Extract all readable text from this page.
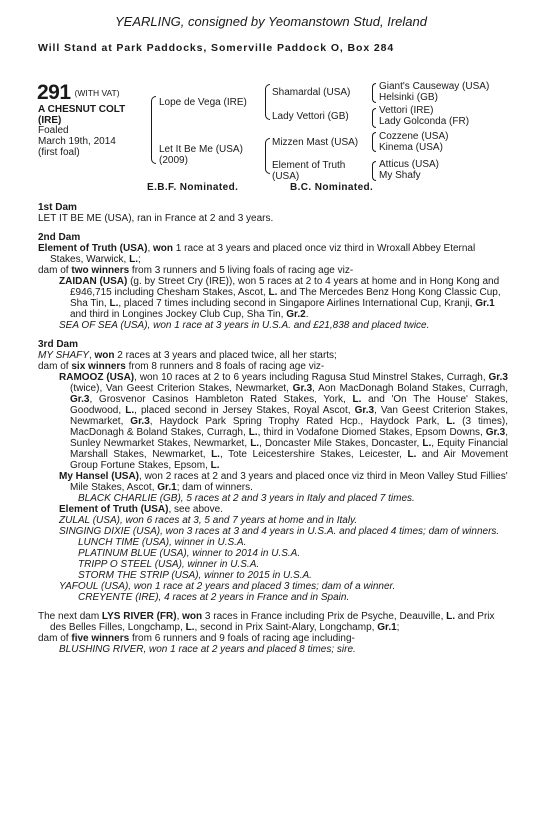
YEARLING, consigned by Yeomanstown Stud, Ireland
Will Stand at Park Paddocks, Somerville Paddock O, Box 284
291 (WITH VAT)
A CHESNUT COLT
(IRE)
Foaled
March 19th, 2014
(first foal)
Lope de Vega (IRE)
Let It Be Me (USA)
(2009)
Shamardal (USA)
Lady Vettori (GB)
Mizzen Mast (USA)
Element of Truth
(USA)
Giant's Causeway (USA)
Helsinki (GB)
Vettori (IRE)
Lady Golconda (FR)
Cozzene (USA)
Kinema (USA)
Atticus (USA)
My Shafy
E.B.F. Nominated.	B.C. Nominated.

1st Dam

LET IT BE ME (USA), ran in France at 2 and 3 years.

2nd Dam

Element of Truth (USA), won 1 race at 3 years and placed once viz third in Wroxall Abbey Eternal Stakes, Warwick, L.;

dam of two winners from 3 runners and 5 living foals of racing age viz-

ZAIDAN (USA) (g. by Street Cry (IRE)), won 5 races at 2 to 4 years at home and in Hong Kong and £946,715 including Chesham Stakes, Ascot, L. and The Mercedes Benz Hong Kong Classic Cup, Sha Tin, L., placed 7 times including second in Singapore Airlines International Cup, Kranji, Gr.1 and third in Longines Jockey Club Cup, Sha Tin, Gr.2.

SEA OF SEA (USA), won 1 race at 3 years in U.S.A. and £21,838 and placed twice.

3rd Dam

MY SHAFY, won 2 races at 3 years and placed twice, all her starts;

dam of six winners from 8 runners and 8 foals of racing age viz-

RAMOOZ (USA), won 10 races at 2 to 6 years including Ragusa Stud Minstrel Stakes, Curragh, Gr.3 (twice), Van Geest Criterion Stakes, Newmarket, Gr.3, Aon MacDonagh Boland Stakes, Curragh, Gr.3, Grosvenor Casinos Hambleton Rated Stakes, York, L. and 'On The House' Stakes, Goodwood, L., placed second in Jersey Stakes, Royal Ascot, Gr.3, Van Geest Criterion Stakes, Newmarket, Gr.3, Haydock Park Spring Trophy Rated Hcp., Haydock Park, L. (3 times), MacDonagh & Boland Stakes, Curragh, L., third in Vodafone Diomed Stakes, Epsom Downs, Gr.3, Sunley Newmarket Stakes, Newmarket, L., Doncaster Mile Stakes, Doncaster, L., Equity Financial Marshall Stakes, Newmarket, L., Tote Leicestershire Stakes, Leicester, L. and Air Movement Group Fortune Stakes, Epsom, L.

My Hansel (USA), won 2 races at 2 and 3 years and placed once viz third in Meon Valley Stud Fillies' Mile Stakes, Ascot, Gr.1; dam of winners.

BLACK CHARLIE (GB), 5 races at 2 and 3 years in Italy and placed 7 times.

Element of Truth (USA), see above.

ZULAL (USA), won 6 races at 3, 5 and 7 years at home and in Italy.

SINGING DIXIE (USA), won 3 races at 3 and 4 years in U.S.A. and placed 4 times; dam of winners.

LUNCH TIME (USA), winner in U.S.A.

PLATINUM BLUE (USA), winner to 2014 in U.S.A.

TRIPP O STEEL (USA), winner in U.S.A.

STORM THE STRIP (USA), winner to 2015 in U.S.A.

YAFOUL (USA), won 1 race at 2 years and placed 3 times; dam of a winner.

CREYENTE (IRE), 4 races at 2 years in France and in Spain.

The next dam LYS RIVER (FR), won 3 races in France including Prix de Psyche, Deauville, L. and Prix des Belles Filles, Longchamp, L., second in Prix Saint-Alary, Longchamp, Gr.1;

dam of five winners from 6 runners and 9 foals of racing age including-

BLUSHING RIVER, won 1 race at 2 years and placed 8 times; sire.
